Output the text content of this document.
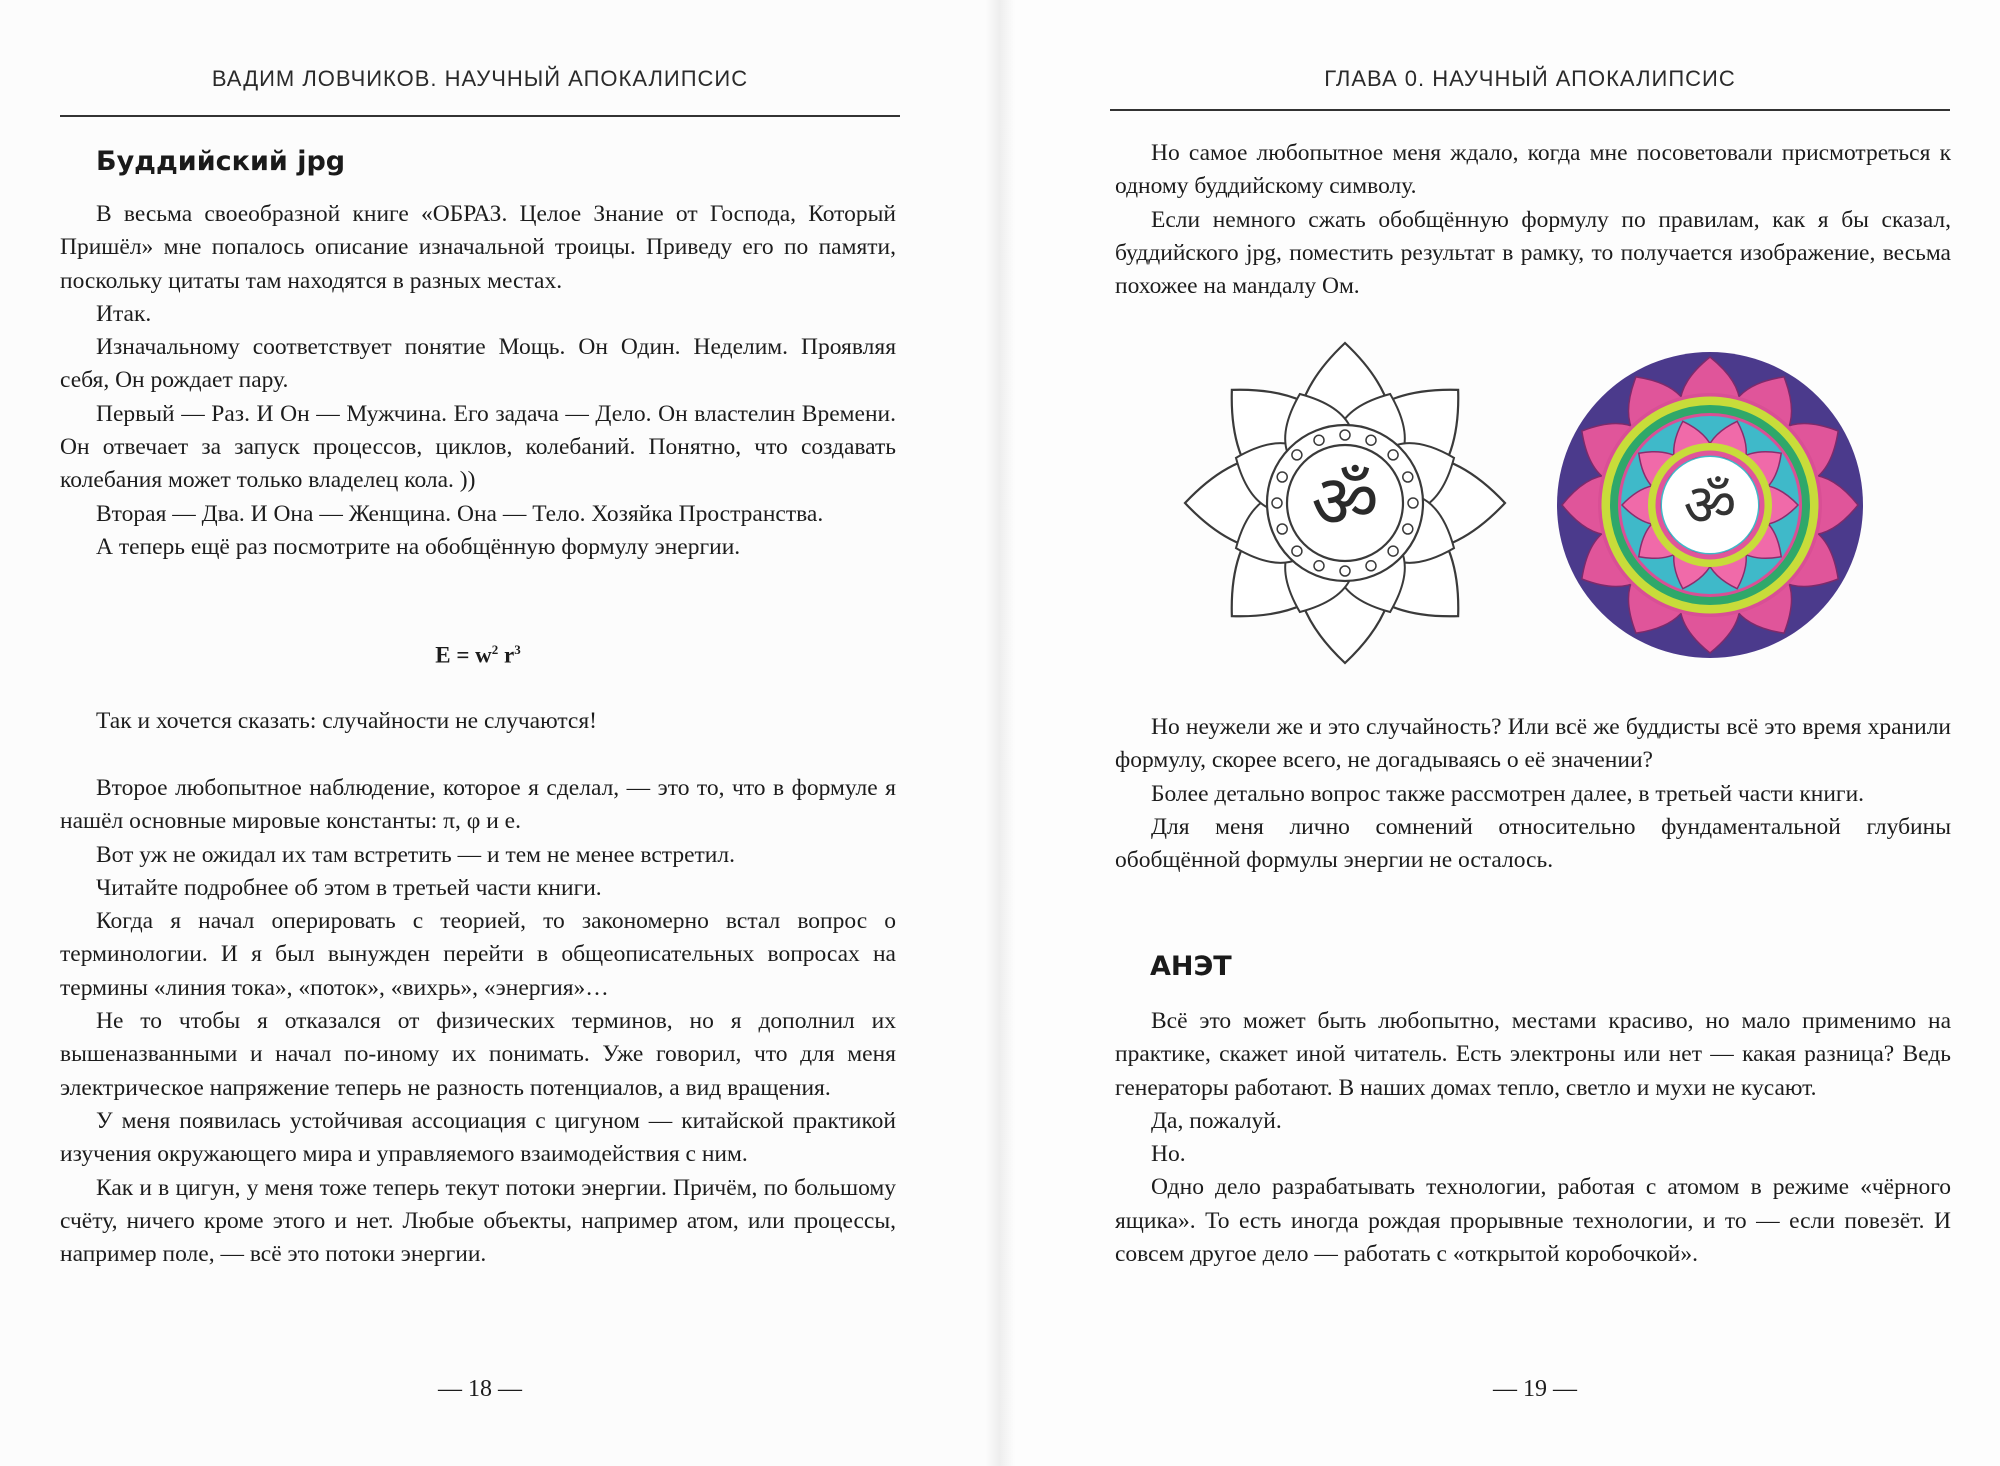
ВАДИМ ЛОВЧИКОВ. НАУЧНЫЙ АПОКАЛИПСИС
Буддийский jpg

В весьма своеобразной книге «ОБРАЗ. Целое Знание от Господа, Который Пришёл» мне попалось описание изначальной троицы. Приведу его по памяти, поскольку цитаты там находятся в разных местах.

Итак.

Изначальному соответствует понятие Мощь. Он Один. Неделим. Проявляя себя, Он рождает пару.

Первый — Раз. И Он — Мужчина. Его задача — Дело. Он властелин Времени. Он отвечает за запуск процессов, циклов, колебаний. Понятно, что создавать колебания может только владелец кола. ))

Вторая — Два. И Она — Женщина. Она — Тело. Хозяйка Пространства.

А теперь ещё раз посмотрите на обобщённую формулу энергии.

$E = w^2$ $r^3$

Так и хочется сказать: случайности не случаются!

Второе любопытное наблюдение, которое я сделал, — это то, что в формуле я нашёл основные мировые константы: π, φ и e.

Вот уж не ожидал их там встретить — и тем не менее встретил.

Читайте подробнее об этом в третьей части книги.

Когда я начал оперировать с теорией, то закономерно встал вопрос о терминологии. И я был вынужден перейти в общеописательных вопросах на термины «линия тока», «поток», «вихрь», «энергия»…

Не то чтобы я отказался от физических терминов, но я дополнил их вышеназванными и начал по-иному их понимать. Уже говорил, что для меня электрическое напряжение теперь не разность потенциалов, а вид вращения.

У меня появилась устойчивая ассоциация с цигуном — китайской практикой изучения окружающего мира и управляемого взаимодействия с ним.

Как и в цигун, у меня тоже теперь текут потоки энергии. Причём, по большому счёту, ничего кроме этого и нет. Любые объекты, например атом, или процессы, например поле, — всё это потоки энергии.

— 18 —
ГЛАВА 0. НАУЧНЫЙ АПОКАЛИПСИС

Но самое любопытное меня ждало, когда мне посоветовали присмотреться к одному буддийскому символу.

Если немного сжать обобщённую формулу по правилам, как я бы сказал, буддийского jpg, поместить результат в рамку, то получается изображение, весьма похожее на мандалу Ом.

ॐ	ॐ

Но неужели же и это случайность? Или всё же буддисты всё это время хранили формулу, скорее всего, не догадываясь о её значении?

Более детально вопрос также рассмотрен далее, в третьей части книги.

Для меня лично сомнений относительно фундаментальной глубины обобщённой формулы энергии не осталось.

АНЭТ

Всё это может быть любопытно, местами красиво, но мало применимо на практике, скажет иной читатель. Есть электроны или нет — какая разница? Ведь генераторы работают. В наших домах тепло, светло и мухи не кусают.

Да, пожалуй.

Но.

Одно дело разрабатывать технологии, работая с атомом в режиме «чёрного ящика». То есть иногда рождая прорывные технологии, и то — если повезёт. И совсем другое дело — работать с «открытой коробочкой».

— 19 —
